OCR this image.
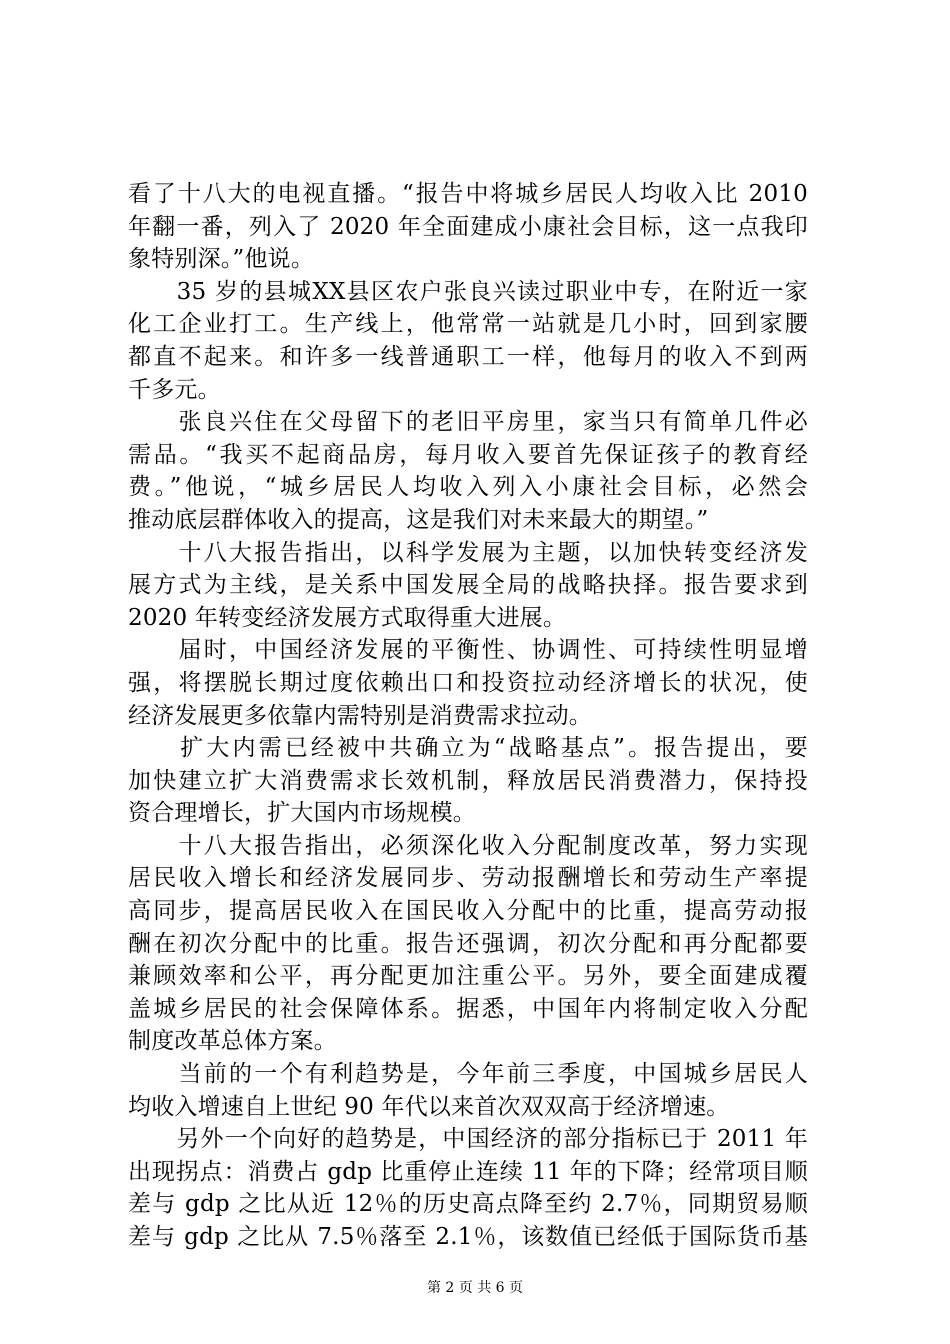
看了十八大的电视直播。“报告中将城乡居民人均收入比 2010
年翻一番，列入了 2020 年全面建成小康社会目标，这一点我印
象特别深。”他说。
　　35 岁的县城XX县区农户张良兴读过职业中专，在附近一家
化工企业打工。生产线上，他常常一站就是几小时，回到家腰
都直不起来。和许多一线普通职工一样，他每月的收入不到两
千多元。
　　张良兴住在父母留下的老旧平房里，家当只有简单几件必
需品。“我买不起商品房，每月收入要首先保证孩子的教育经
费。”他说，“城乡居民人均收入列入小康社会目标，必然会
推动底层群体收入的提高，这是我们对未来最大的期望。”
　　十八大报告指出，以科学发展为主题，以加快转变经济发
展方式为主线，是关系中国发展全局的战略抉择。报告要求到
2020 年转变经济发展方式取得重大进展。
　　届时，中国经济发展的平衡性、协调性、可持续性明显增
强，将摆脱长期过度依赖出口和投资拉动经济增长的状况，使
经济发展更多依靠内需特别是消费需求拉动。
　　扩大内需已经被中共确立为“战略基点”。报告提出，要
加快建立扩大消费需求长效机制，释放居民消费潜力，保持投
资合理增长，扩大国内市场规模。
　　十八大报告指出，必须深化收入分配制度改革，努力实现
居民收入增长和经济发展同步、劳动报酬增长和劳动生产率提
高同步，提高居民收入在国民收入分配中的比重，提高劳动报
酬在初次分配中的比重。报告还强调，初次分配和再分配都要
兼顾效率和公平，再分配更加注重公平。另外，要全面建成覆
盖城乡居民的社会保障体系。据悉，中国年内将制定收入分配
制度改革总体方案。
　　当前的一个有利趋势是，今年前三季度，中国城乡居民人
均收入增速自上世纪 90 年代以来首次双双高于经济增速。
　　另外一个向好的趋势是，中国经济的部分指标已于 2011 年
出现拐点：消费占 gdp 比重停止连续 11 年的下降；经常项目顺
差与 gdp 之比从近 12％的历史高点降至约 2.7％，同期贸易顺
差与 gdp 之比从 7.5％落至 2.1％，该数值已经低于国际货币基
第 2 页 共 6 页
